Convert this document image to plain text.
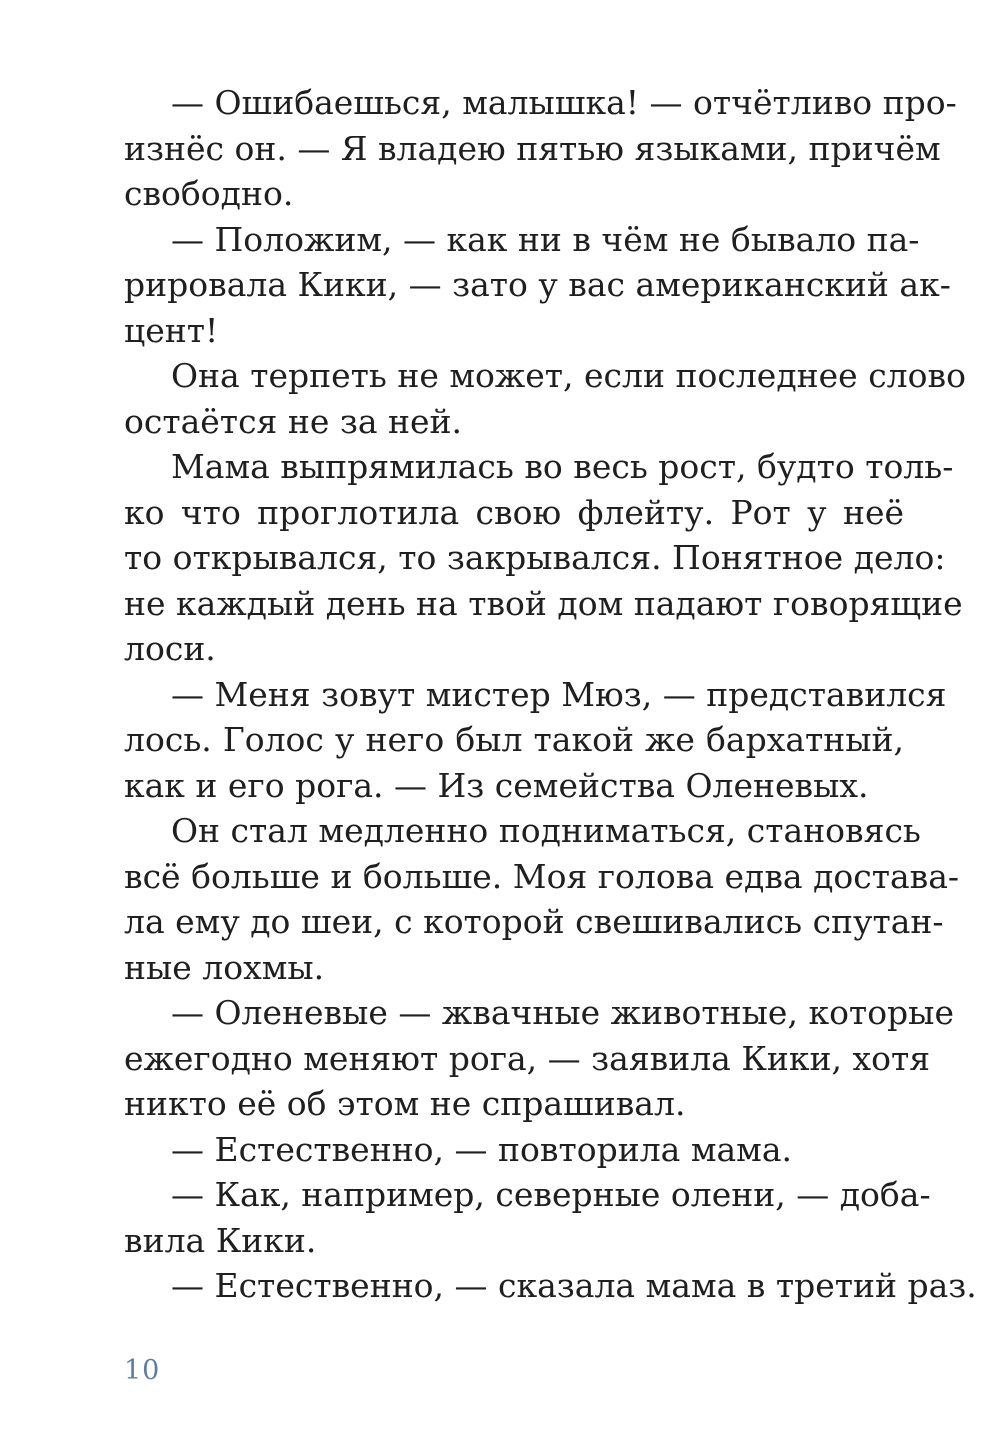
— Ошибаешься, малышка! — отчётливо про-
изнёс он. — Я владею пятью языками, причём
свободно.
— Положим, — как ни в чём не бывало па-
рировала Кики, — зато у вас американский ак-
цент!
Она терпеть не может, если последнее слово
остаётся не за ней.
Мама выпрямилась во весь рост, будто толь-
ко что проглотила свою флейту. Рот у неё
то открывался, то закрывался. Понятное дело:
не каждый день на твой дом падают говорящие
лоси.
— Меня зовут мистер Мюз, — представился
лось. Голос у него был такой же бархатный,
как и его рога. — Из семейства Оленевых.
Он стал медленно подниматься, становясь
всё больше и больше. Моя голова едва достава-
ла ему до шеи, с которой свешивались спутан-
ные лохмы.
— Оленевые — жвачные животные, которые
ежегодно меняют рога, — заявила Кики, хотя
никто её об этом не спрашивал.
— Естественно, — повторила мама.
— Как, например, северные олени, — доба-
вила Кики.
— Естественно, — сказала мама в третий раз.
10
